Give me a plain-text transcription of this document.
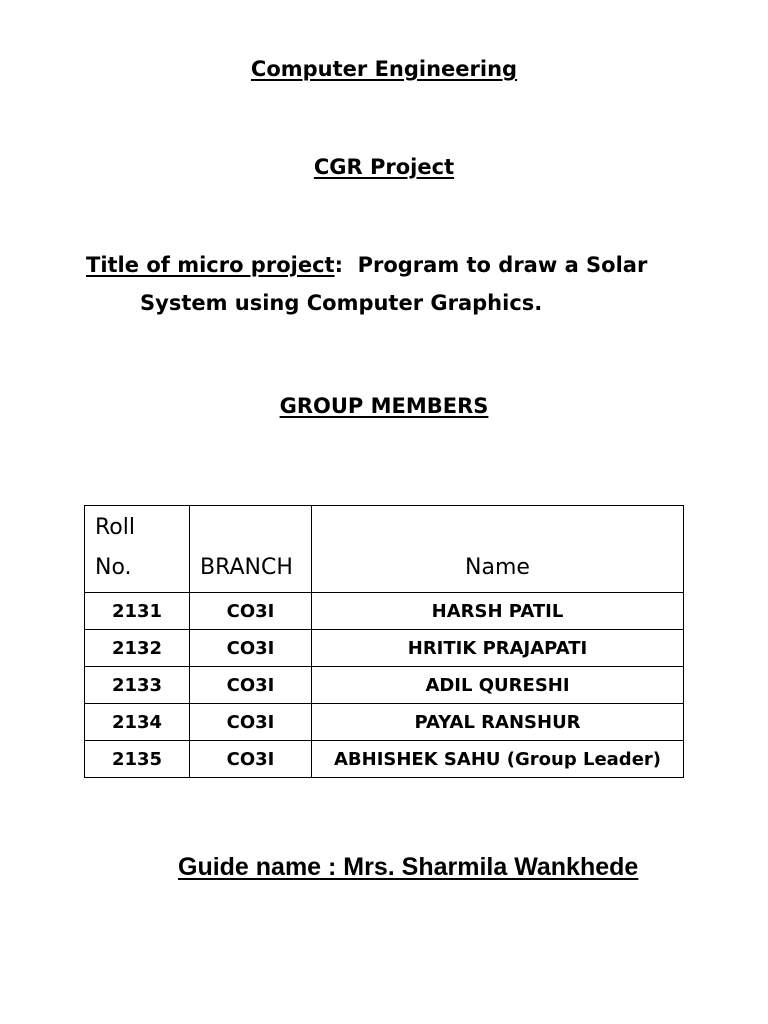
Computer Engineering
CGR Project

Title of micro project: Program to draw a Solar

System using Computer Graphics.

GROUP MEMBERS
Roll
No.	BRANCH	Name
2131	CO3I	HARSH PATIL
2132	CO3I	HRITIK PRAJAPATI
2133	CO3I	ADIL QURESHI
2134	CO3I	PAYAL RANSHUR
2135	CO3I	ABHISHEK SAHU (Group Leader)

Guide name : Mrs. Sharmila Wankhede
